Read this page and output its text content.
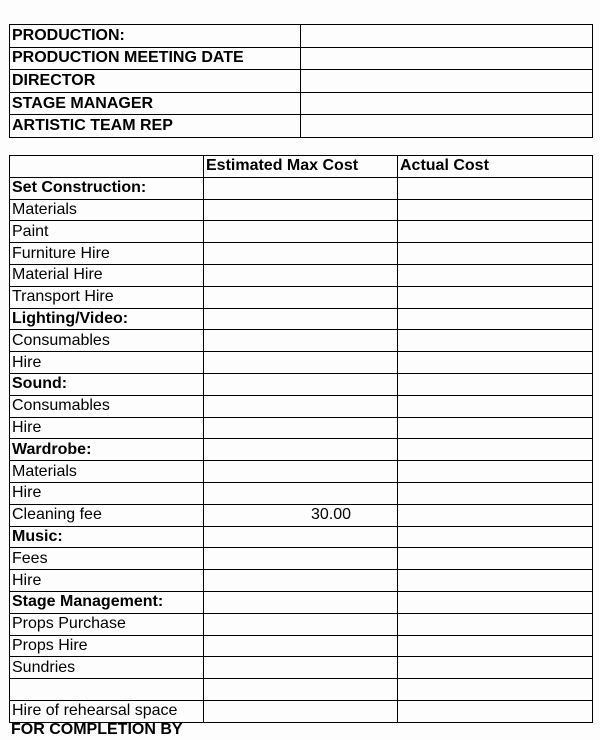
PRODUCTION:	
PRODUCTION MEETING DATE	
DIRECTOR	
STAGE MANAGER	
ARTISTIC TEAM REP	
	Estimated Max Cost	Actual Cost
Set Construction:		
Materials		
Paint		
Furniture Hire		
Material Hire		
Transport Hire		
Lighting/Video:		
Consumables		
Hire		
Sound:		
Consumables		
Hire		
Wardrobe:		
Materials		
Hire		
Cleaning fee	30.00	
Music:		
Fees		
Hire		
Stage Management:		
Props Purchase		
Props Hire		
Sundries		

Hire of rehearsal space		
FOR COMPLETION BY
